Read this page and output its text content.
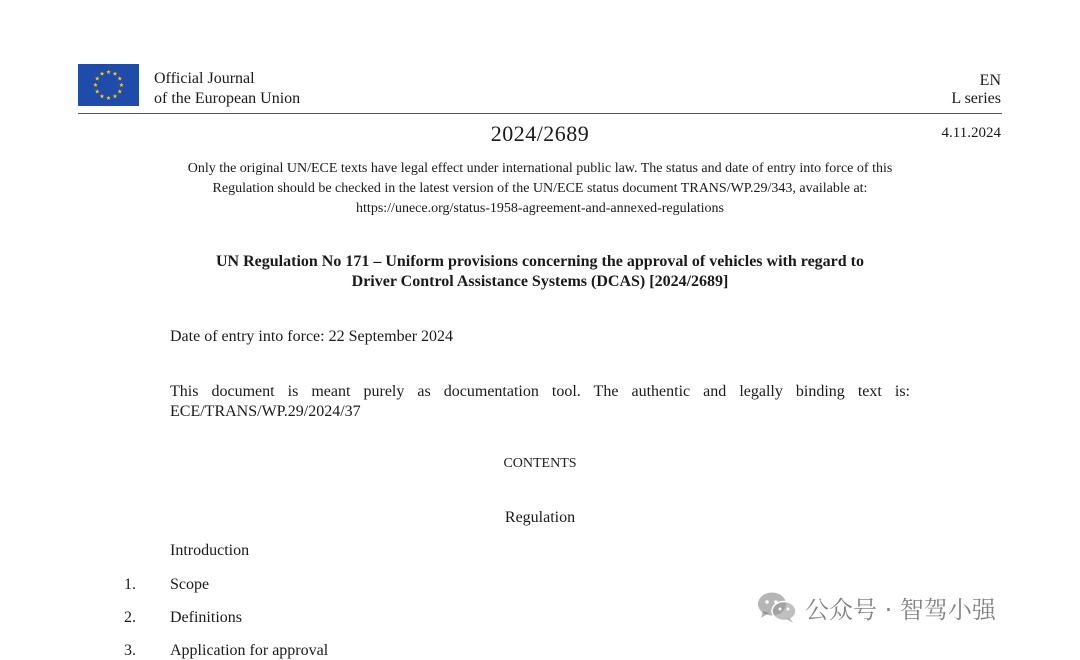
Official Journal
of the European Union
EN
L series
2024/2689	4.11.2024
Only the original UN/ECE texts have legal effect under international public law. The status and date of entry into force of this Regulation should be checked in the latest version of the UN/ECE status document TRANS/WP.29/343, available at: https://unece.org/status-1958-agreement-and-annexed-regulations
UN Regulation No 171 – Uniform provisions concerning the approval of vehicles with regard to
Driver Control Assistance Systems (DCAS) [2024/2689]
Date of entry into force: 22 September 2024
This document is meant purely as documentation tool. The authentic and legally binding text is: ECE/TRANS/WP.29/2024/37
CONTENTS
Regulation
Introduction
1. Scope
2. Definitions
3. Application for approval
公众号 · 智驾小强
